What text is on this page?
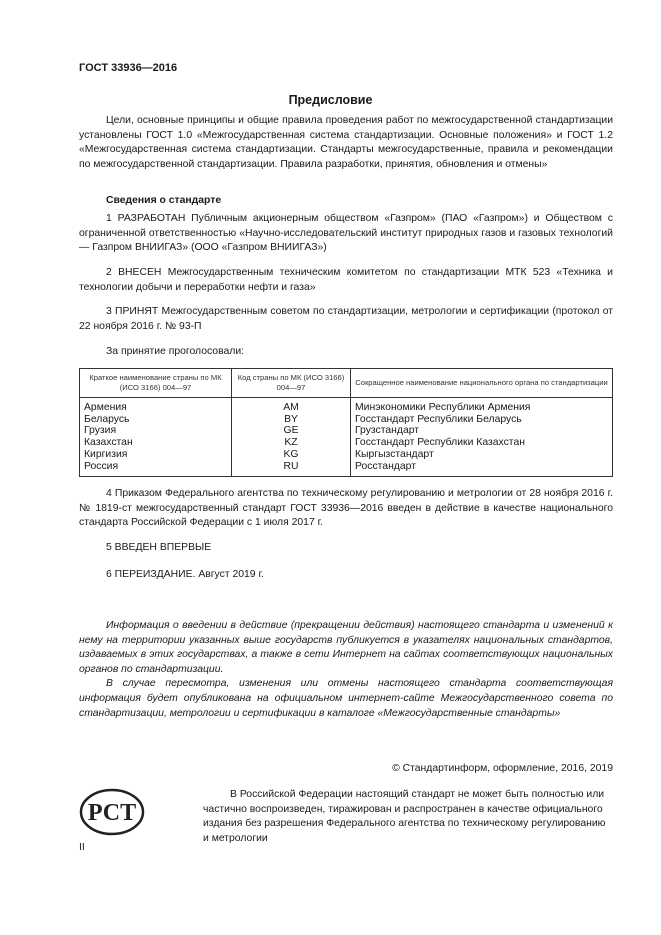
ГОСТ 33936—2016
Предисловие

Цели, основные принципы и общие правила проведения работ по межгосударственной стандартизации установлены ГОСТ 1.0 «Межгосударственная система стандартизации. Основные положения» и ГОСТ 1.2 «Межгосударственная система стандартизации. Стандарты межгосударственные, правила и рекомендации по межгосударственной стандартизации. Правила разработки, принятия, обновления и отмены»

Сведения о стандарте

1 РАЗРАБОТАН Публичным акционерным обществом «Газпром» (ПАО «Газпром») и Обществом с ограниченной ответственностью «Научно-исследовательский институт природных газов и газовых технологий — Газпром ВНИИГАЗ» (ООО «Газпром ВНИИГАЗ»)

2 ВНЕСЕН Межгосударственным техническим комитетом по стандартизации МТК 523 «Техника и технологии добычи и переработки нефти и газа»

3 ПРИНЯТ Межгосударственным советом по стандартизации, метрологии и сертификации (протокол от 22 ноября 2016 г. № 93-П

За принятие проголосовали:

Краткое наименование страны по МК (ИСО 3166) 004—97	Код страны по МК (ИСО 3166) 004—97	Сокращенное наименование национального органа по стандартизации
Армения	AM	Минэкономики Республики Армения
Беларусь	BY	Госстандарт Республики Беларусь
Грузия	GE	Грузстандарт
Казахстан	KZ	Госстандарт Республики Казахстан
Киргизия	KG	Кыргызстандарт
Россия	RU	Росстандарт

4 Приказом Федерального агентства по техническому регулированию и метрологии от 28 ноября 2016 г. № 1819-ст межгосударственный стандарт ГОСТ 33936—2016 введен в действие в качестве национального стандарта Российской Федерации с 1 июля 2017 г.

5 ВВЕДЕН ВПЕРВЫЕ

6 ПЕРЕИЗДАНИЕ. Август 2019 г.

Информация о введении в действие (прекращении действия) настоящего стандарта и изменений к нему на территории указанных выше государств публикуется в указателях национальных стандартов, издаваемых в этих государствах, а также в сети Интернет на сайтах соответствующих национальных органов по стандартизации.

В случае пересмотра, изменения или отмены настоящего стандарта соответствующая информация будет опубликована на официальном интернет-сайте Межгосударственного совета по стандартизации, метрологии и сертификации в каталоге «Межгосударственные стандарты»

© Стандартинформ, оформление, 2016, 2019
РСТ

В Российской Федерации настоящий стандарт не может быть полностью или частично воспроизведен, тиражирован и распространен в качестве официального издания без разрешения Федерального агентства по техническому регулированию и метрологии

II
